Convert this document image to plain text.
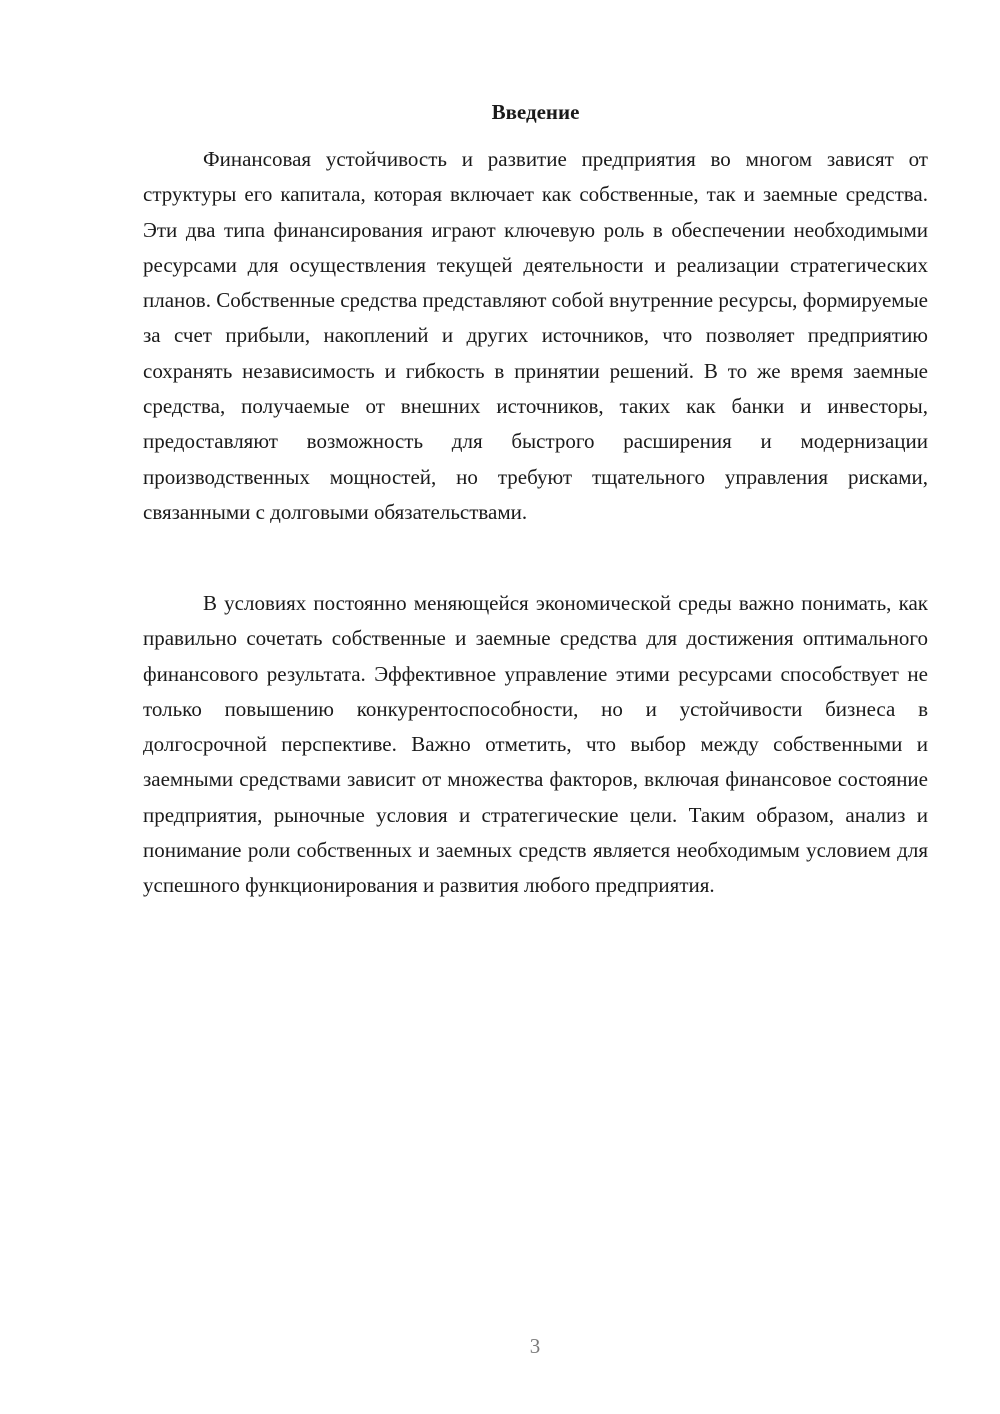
Введение

Финансовая устойчивость и развитие предприятия во многом зависят от структуры его капитала, которая включает как собственные, так и заемные средства. Эти два типа финансирования играют ключевую роль в обеспечении необходимыми ресурсами для осуществления текущей деятельности и реализации стратегических планов. Собственные средства представляют собой внутренние ресурсы, формируемые за счет прибыли, накоплений и других источников, что позволяет предприятию сохранять независимость и гибкость в принятии решений. В то же время заемные средства, получаемые от внешних источников, таких как банки и инвесторы, предоставляют возможность для быстрого расширения и модернизации производственных мощностей, но требуют тщательного управления рисками, связанными с долговыми обязательствами.

В условиях постоянно меняющейся экономической среды важно понимать, как правильно сочетать собственные и заемные средства для достижения оптимального финансового результата. Эффективное управление этими ресурсами способствует не только повышению конкурентоспособности, но и устойчивости бизнеса в долгосрочной перспективе. Важно отметить, что выбор между собственными и заемными средствами зависит от множества факторов, включая финансовое состояние предприятия, рыночные условия и стратегические цели. Таким образом, анализ и понимание роли собственных и заемных средств является необходимым условием для успешного функционирования и развития любого предприятия.

3
